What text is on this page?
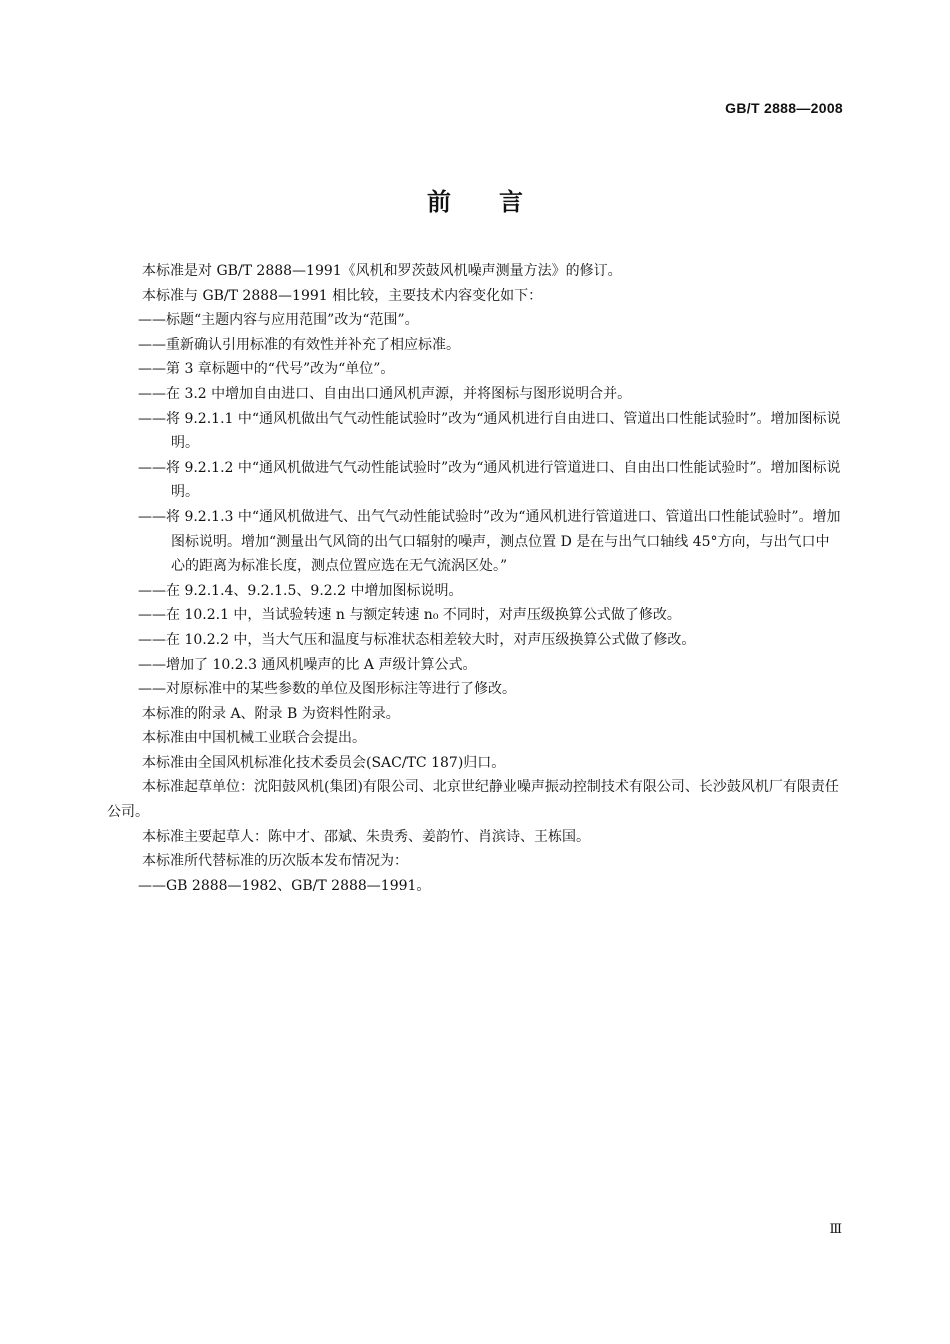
GB/T 2888—2008
前言

本标准是对 GB/T 2888—1991《风机和罗茨鼓风机噪声测量方法》的修订。

本标准与 GB/T 2888—1991 相比较，主要技术内容变化如下：

——标题“主题内容与应用范围”改为“范围”。

——重新确认引用标准的有效性并补充了相应标准。

——第 3 章标题中的“代号”改为“单位”。

——在 3.2 中增加自由进口、自由出口通风机声源，并将图标与图形说明合并。

——将 9.2.1.1 中“通风机做出气气动性能试验时”改为“通风机进行自由进口、管道出口性能试验时”。增加图标说明。

——将 9.2.1.2 中“通风机做进气气动性能试验时”改为“通风机进行管道进口、自由出口性能试验时”。增加图标说明。

——将 9.2.1.3 中“通风机做进气、出气气动性能试验时”改为“通风机进行管道进口、管道出口性能试验时”。增加图标说明。增加“测量出气风筒的出气口辐射的噪声，测点位置 D 是在与出气口轴线 45°方向，与出气口中心的距离为标准长度，测点位置应选在无气流涡区处。”

——在 9.2.1.4、9.2.1.5、9.2.2 中增加图标说明。

——在 10.2.1 中，当试验转速 n 与额定转速 n₀ 不同时，对声压级换算公式做了修改。

——在 10.2.2 中，当大气压和温度与标准状态相差较大时，对声压级换算公式做了修改。

——增加了 10.2.3 通风机噪声的比 A 声级计算公式。

——对原标准中的某些参数的单位及图形标注等进行了修改。

本标准的附录 A、附录 B 为资料性附录。

本标准由中国机械工业联合会提出。

本标准由全国风机标准化技术委员会(SAC/TC 187)归口。

本标准起草单位：沈阳鼓风机(集团)有限公司、北京世纪静业噪声振动控制技术有限公司、长沙鼓风机厂有限责任公司。

本标准主要起草人：陈中才、邵斌、朱贵秀、姜韵竹、肖滨诗、王栋国。

本标准所代替标准的历次版本发布情况为：

——GB 2888—1982、GB/T 2888—1991。

Ⅲ
